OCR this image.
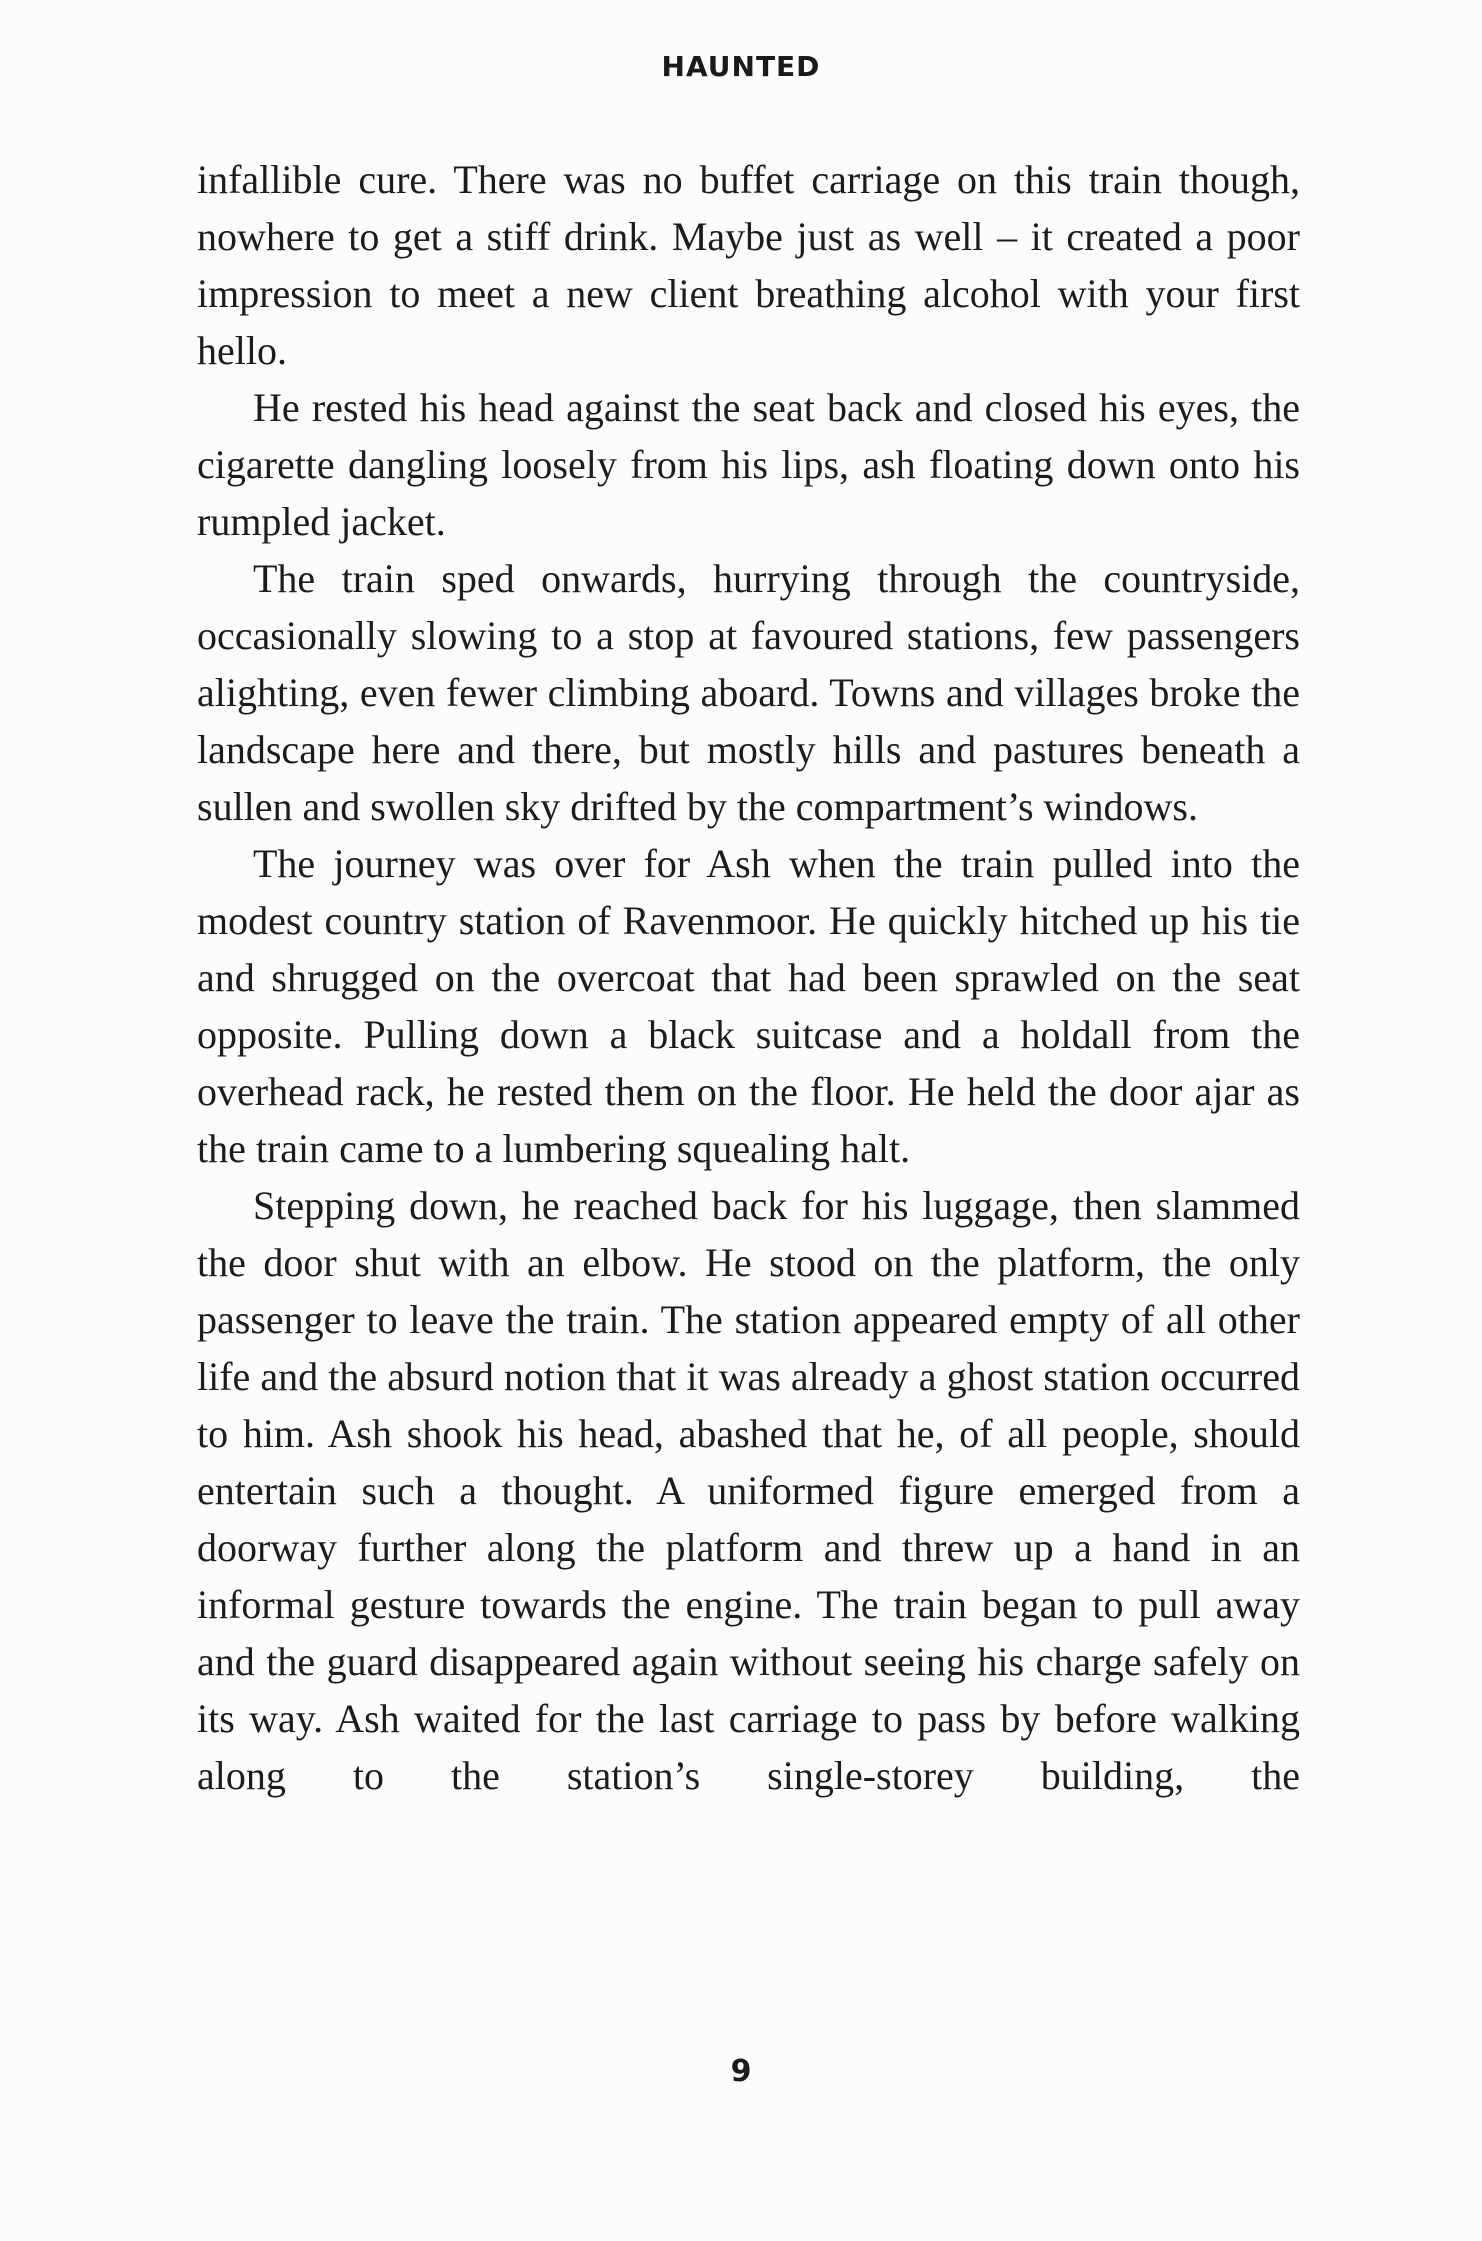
HAUNTED

infallible cure. There was no buffet carriage on this train though, nowhere to get a stiff drink. Maybe just as well – it created a poor impression to meet a new client breathing alcohol with your first hello.

He rested his head against the seat back and closed his eyes, the cigarette dangling loosely from his lips, ash floating down onto his rumpled jacket.

The train sped onwards, hurrying through the countryside, occasionally slowing to a stop at favoured stations, few passengers alighting, even fewer climbing aboard. Towns and villages broke the landscape here and there, but mostly hills and pastures beneath a sullen and swollen sky drifted by the compartment’s windows.

The journey was over for Ash when the train pulled into the modest country station of Ravenmoor. He quickly hitched up his tie and shrugged on the overcoat that had been sprawled on the seat opposite. Pulling down a black suitcase and a holdall from the overhead rack, he rested them on the floor. He held the door ajar as the train came to a lumbering squealing halt.

Stepping down, he reached back for his luggage, then slammed the door shut with an elbow. He stood on the platform, the only passenger to leave the train. The station appeared empty of all other life and the absurd notion that it was already a ghost station occurred to him. Ash shook his head, abashed that he, of all people, should entertain such a thought. A uniformed figure emerged from a doorway further along the platform and threw up a hand in an informal gesture towards the engine. The train began to pull away and the guard disappeared again without seeing his charge safely on its way. Ash waited for the last carriage to pass by before walking along to the station’s single-storey building, the

9
